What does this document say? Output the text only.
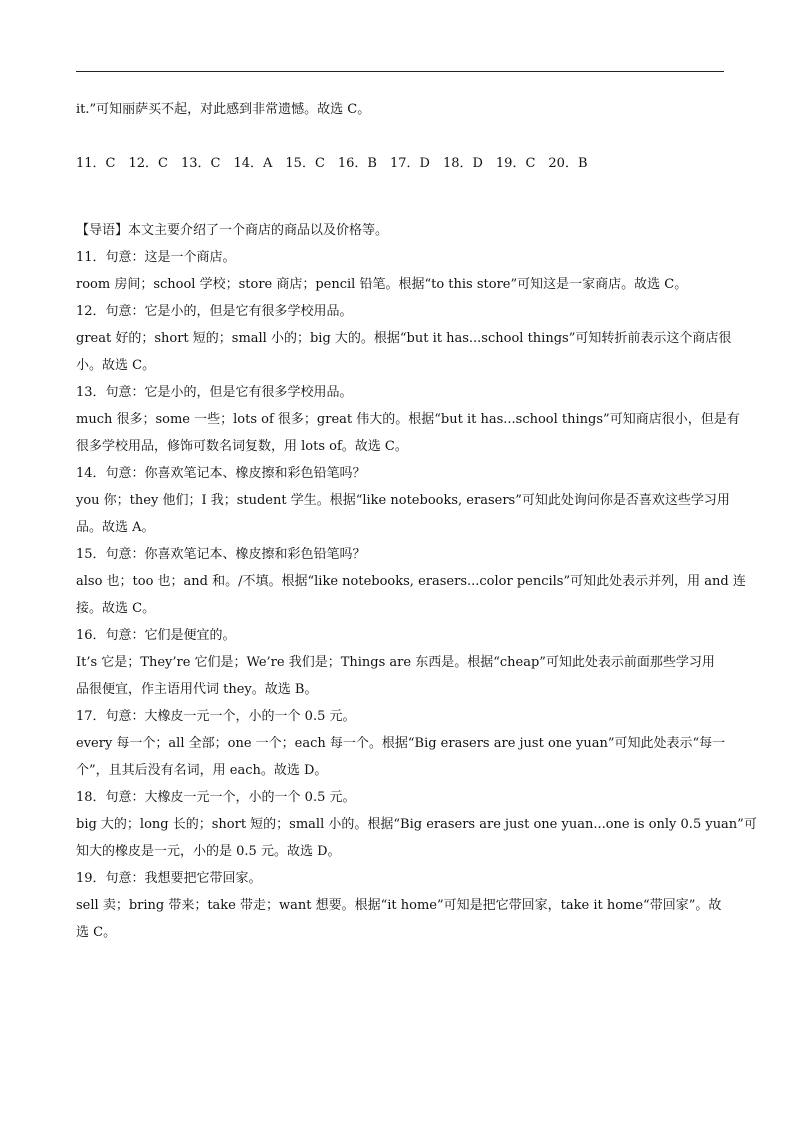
it.”可知丽萨买不起，对此感到非常遗憾。故选 C。
11．C　12．C　13．C　14．A　15．C　16．B　17．D　18．D　19．C　20．B
【导语】本文主要介绍了一个商店的商品以及价格等。
11．句意：这是一个商店。
room 房间；school 学校；store 商店；pencil 铅笔。根据“to this store”可知这是一家商店。故选 C。
12．句意：它是小的，但是它有很多学校用品。
great 好的；short 短的；small 小的；big 大的。根据“but it has...school things”可知转折前表示这个商店很
小。故选 C。
13．句意：它是小的，但是它有很多学校用品。
much 很多；some 一些；lots of 很多；great 伟大的。根据“but it has...school things”可知商店很小，但是有
很多学校用品，修饰可数名词复数，用 lots of。故选 C。
14．句意：你喜欢笔记本、橡皮擦和彩色铅笔吗？
you 你；they 他们；I 我；student 学生。根据“like notebooks, erasers”可知此处询问你是否喜欢这些学习用
品。故选 A。
15．句意：你喜欢笔记本、橡皮擦和彩色铅笔吗？
also 也；too 也；and 和。/不填。根据“like notebooks, erasers...color pencils”可知此处表示并列，用 and 连
接。故选 C。
16．句意：它们是便宜的。
It’s 它是；They’re 它们是；We’re 我们是；Things are 东西是。根据“cheap”可知此处表示前面那些学习用
品很便宜，作主语用代词 they。故选 B。
17．句意：大橡皮一元一个，小的一个 0.5 元。
every 每一个；all 全部；one 一个；each 每一个。根据“Big erasers are just one yuan”可知此处表示“每一
个”，且其后没有名词，用 each。故选 D。
18．句意：大橡皮一元一个，小的一个 0.5 元。
big 大的；long 长的；short 短的；small 小的。根据“Big erasers are just one yuan...one is only 0.5 yuan”可
知大的橡皮是一元，小的是 0.5 元。故选 D。
19．句意：我想要把它带回家。
sell 卖；bring 带来；take 带走；want 想要。根据“it home”可知是把它带回家，take it home“带回家”。故
选 C。
